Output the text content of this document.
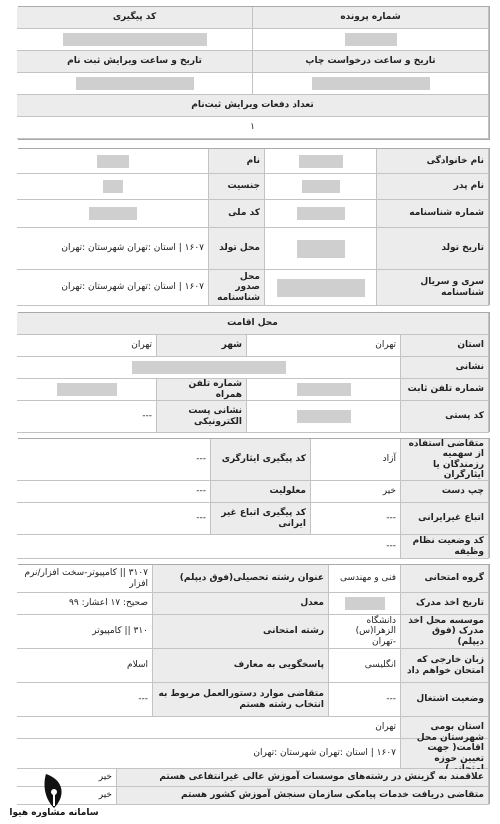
شماره پرونده
کد پیگیری
تاریخ و ساعت درخواست چاپ
تاریخ و ساعت ویرایش ثبت نام
تعداد دفعات ویرایش ثبت‌نام
۱
نام خانوادگی
نام
نام پدر
جنسیت
شماره شناسنامه
کد ملی
تاریخ تولد
محل تولد
۱۶۰۷ | استان :تهران شهرستان :تهران
سری و سریال شناسنامه
محل صدور شناسنامه
۱۶۰۷ | استان :تهران شهرستان :تهران
محل اقامت
استان
تهران
شهر
تهران
نشانی
شماره تلفن ثابت
شماره تلفن همراه
کد پستی
نشانی پست الکترونیکی
---
متقاضی استفاده از سهمیه رزمندگان یا ایثارگران
آزاد
کد پیگیری ایثارگری
---
چپ دست
خیر
معلولیت
---
اتباع غیرایرانی
---
کد پیگیری اتباع غیر ایرانی
---
کد وضعیت نظام وظیفه
---
گروه امتحانی
فنی و مهندسی
عنوان رشته تحصیلی(فوق دیپلم)
۳۱۰۷ || کامپیوتر-سخت افزار/نرم افزار
تاریخ اخذ مدرک
معدل
صحیح: ۱۷ اعشار: ۹۹
موسسه محل اخذ مدرک (فوق دیپلم)
دانشگاه الزهرا(س) -تهران
رشته امتحانی
۳۱۰ || کامپیوتر
زبان خارجی که امتحان خواهم داد
انگلیسی
پاسخگویی به معارف
اسلام
وضعیت اشتغال
---
متقاضی موارد دستورالعمل مربوط به انتخاب رشته هستم
---
استان بومی
تهران
اقامت( جهت تعیین حوزه
۱۶۰۷ | استان :تهران شهرستان :تهران
علاقمند به گزینش در رشته‌های موسسات آموزش عالی غیرانتفاعی هستم
خیر
متقاضی دریافت خدمات پیامکی سازمان سنجش آموزش کشور هستم
خیر
سامانه مشاوره هیوا
